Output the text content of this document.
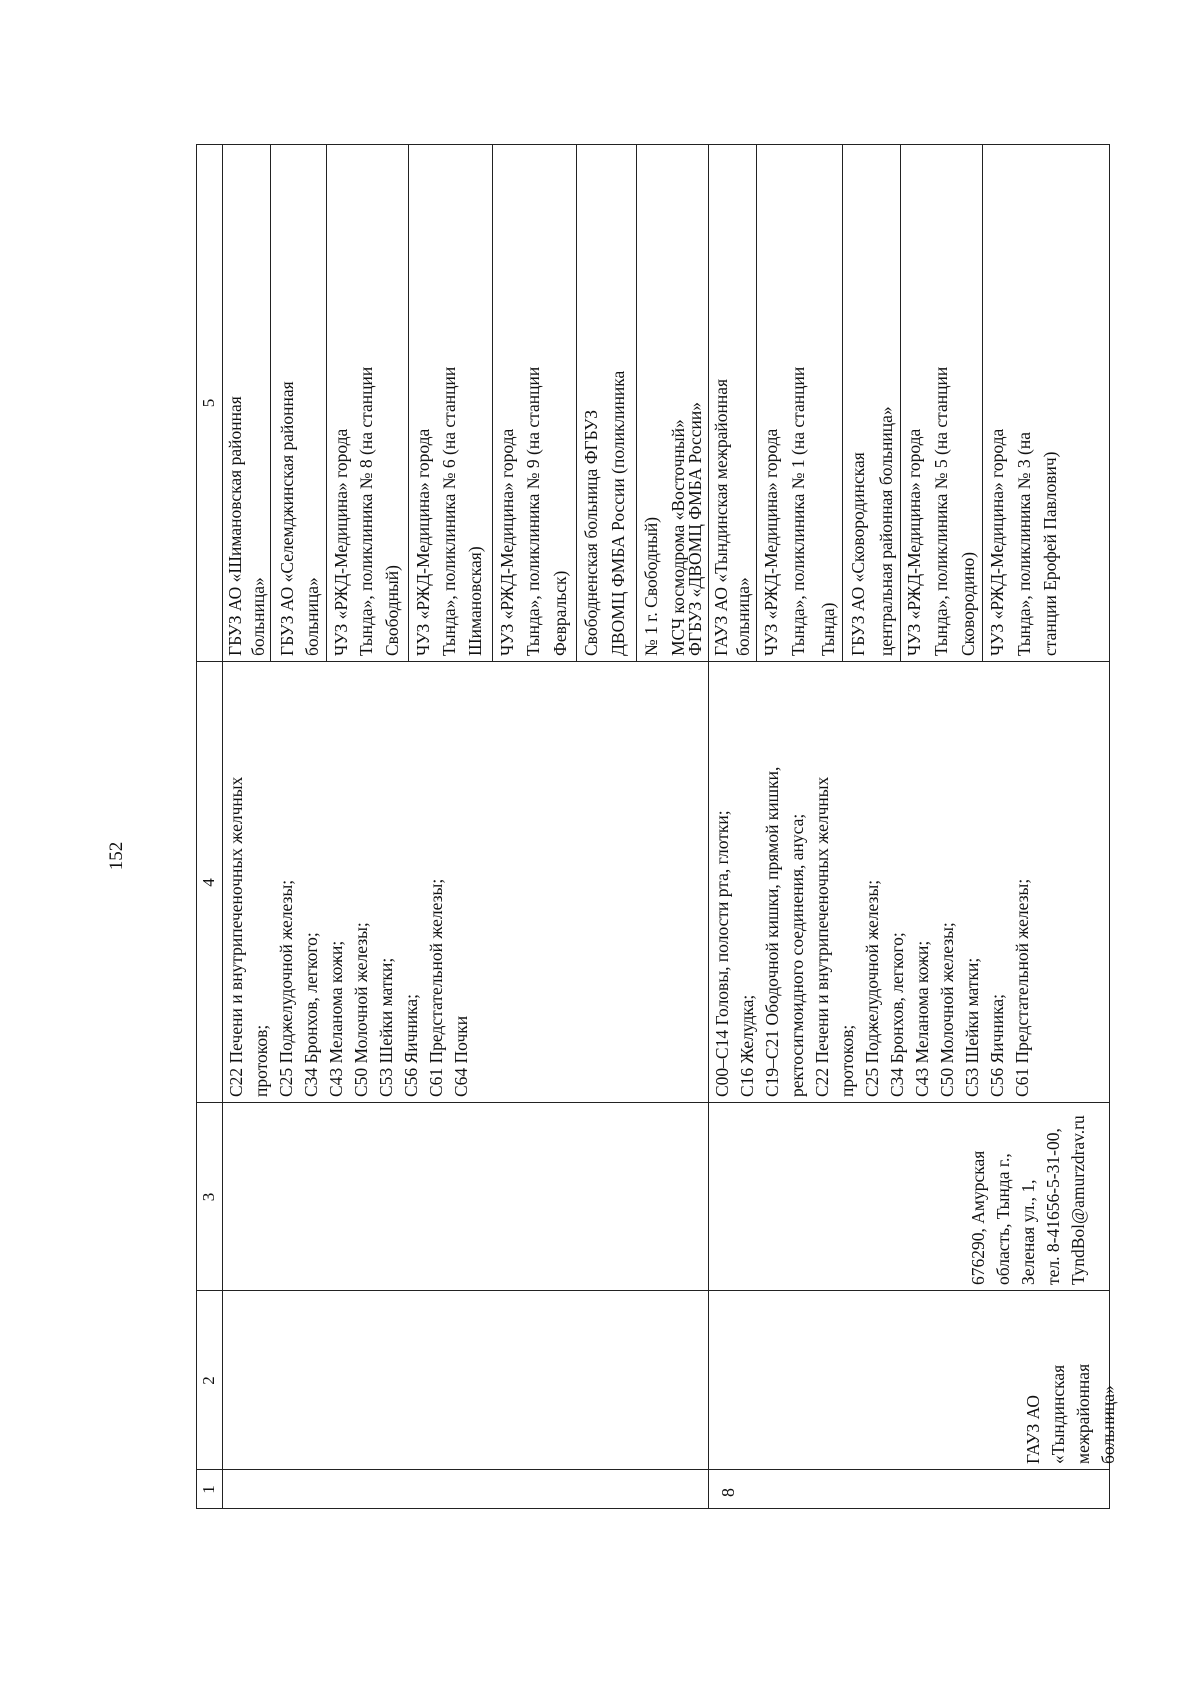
152
1
2
3
4
5
C22 Печени и внутрипеченочных желчных протоков; C25 Поджелудочной железы; C34 Бронхов, легкого; C43 Меланома кожи; C50 Молочной железы; C53 Шейки матки; C56 Яичника; C61 Предстательной железы; C64 Почки
ГБУЗ АО «Шимановская районная больница» ГБУЗ АО «Селемджинская районная больница» ЧУЗ «РЖД-Медицина» города Тында», поликлиника № 8 (на станции Свободный) ЧУЗ «РЖД-Медицина» города Тында», поликлиника № 6 (на станции Шимановская) ЧУЗ «РЖД-Медицина» города Тында», поликлиника № 9 (на станции Февральск) Свободненская больница ФГБУЗ ДВОМЦ ФМБА России (поликлиника № 1 г. Свободный) МСЧ космодрома «Восточный»
ФГБУЗ «ДВОМЦ ФМБА России»
8
ГАУЗ АО «Тындинская межрайонная
676290, Амурская область, Тында г., Зеленая ул., 1, тел. 8-41656-5-31-00, TyndBol@amurzdrav.ru
C00–C14 Головы, полости рта, глотки; C16 Желудка; C19–C21 Ободочной кишки, прямой кишки, ректосигмоидного соединения, ануса; C22 Печени и внутрипеченочных желчных протоков; C25 Поджелудочной железы; C34 Бронхов, легкого; C43 Меланома кожи; C50 Молочной железы; C53 Шейки матки; C56 Яичника; C61 Предстательной железы;
ГАУЗ АО «Тындинская межрайонная больница» ЧУЗ «РЖД-Медицина» города Тында», поликлиника № 1 (на станции Тында) ГБУЗ АО «Сковородинская центральная районная больница» ЧУЗ «РЖД-Медицина» города Тында», поликлиника № 5 (на станции Сковородино) ЧУЗ «РЖД-Медицина» города Тында», поликлиника № 3 (на станции Ерофей Павлович)
больница»
